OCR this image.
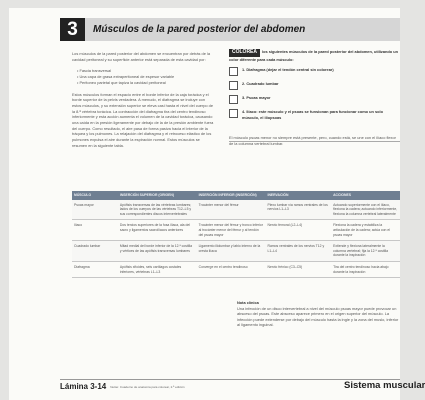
3	Músculos de la pared posterior del abdomen

Los músculos de la pared posterior del abdomen se encuentran por detrás de la cavidad peritoneal y su superficie anterior está separada de esta cavidad por:

• Fascia transversal
• Una capa de grasa extraperitoneal de espesor variable
• Peritoneo parietal que tapiza la cavidad peritoneal

Estos músculos forman el espacio entre el borde inferior de la caja torácica y el borde superior de la pelvis verdadera. A menudo, el diafragma se incluye con estos músculos, y su extensión superior se eleva casi hasta el nivel del cuerpo de la 8.ª vértebra torácica. La contracción del diafragma tira del centro tendinoso inferiormente y esta acción aumenta el volumen de la cavidad torácica, causando una caída en la presión ligeramente por debajo de la de la presión ambiente fuera del cuerpo. Como resultado, el aire pasa de forma pasiva hacia el interior de la tráquea y los pulmones. La relajación del diafragma y el retroceso elástico de los pulmones expulsa el aire durante la espiración normal. Estos músculos se resumen en la siguiente tabla.

COLOREA los siguientes músculos de la pared posterior del abdomen, utilizando un color diferente para cada músculo:
1. Diafragma (dejar el tendón central sin colorear)
2. Cuadrado lumbar
3. Psoas mayor
4. Ilíaco: este músculo y el psoas se funsionan para funcionar como un solo músculo, el iliopsoas

El músculo psoas menor no siempre está presente, pero, cuando está, se une con el ilíaco flexor de la columna vertebral lumbar.

MÚSCULO	INSERCIÓN SUPERIOR (ORIGEN)	INSERCIÓN INFERIOR (INSERCIÓN)	INERVACIÓN	ACCIONES
Psoas mayor	Apófisis transversas de las vértebras lumbares; lados de los cuerpos de las vértebras T12–L5 y sus correspondientes discos intervertebrales	Trocánter menor del fémur	Plexo lumbar vía ramos ventrales de los nervios L1–L3	Actuando superiormente con el ilíaco, flexiona la cadera; actuando inferiormente, flexiona la columna vertebral lateralmente
Ilíaco	Dos tercios superiores de la fosa ilíaca, ala del sacro y ligamentos sacroilíacos anteriores	Trocánter menor del fémur y tronco inferior al trocánter menor del fémur y al tendón del psoas mayor	Nervio femoral (L2–L4)	Flexiona la cadera y estabiliza la articulación de la cadera; actúa con el psoas mayor
Cuadrado lumbar	Mitad medial del borde inferior de la 12.ª costilla y vértices de las apófisis transversas lumbares	Ligamento iliolumbar y labio interno de la cresta ilíaca	Ramos ventrales de los nervios T12 y L1–L4	Extiende y flexiona lateralmente la columna vertebral; fija la 12.ª costilla durante la inspiración
Diafragma	Apófisis xifoides, seis cartílagos costales inferiores, vértebras L1–L3	Converge en el centro tendinoso	Nervio frénico (C3–C5)	Tira del centro tendinoso hacia abajo durante la inspiración
Nota clínica
Una infección de un disco intervertebral a nivel del músculo psoas mayor puede provocar un absceso del psoas. Este absceso aparece primero en el origen superior del músculo. La infección puede extenderse por debajo del músculo hasta la ingle y la zona del muslo, inferior al ligamento inguinal.
Lámina 3-14 Netter. Cuaderno de anatomía para colorear, 2.ª edición	Sistema muscular
